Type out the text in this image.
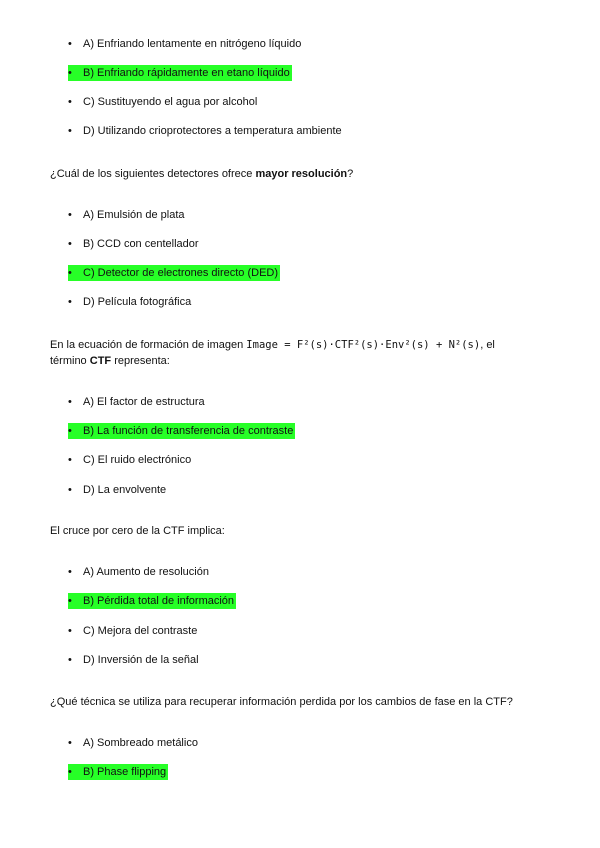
•A) Enfriando lentamente en nitrógeno líquido
•B) Enfriando rápidamente en etano líquido
•C) Sustituyendo el agua por alcohol
•D) Utilizando crioprotectores a temperatura ambiente
¿Cuál de los siguientes detectores ofrece mayor resolución?
•A) Emulsión de plata
•B) CCD con centellador
•C) Detector de electrones directo (DED)
•D) Película fotográfica
En la ecuación de formación de imagen Image = F²(s)·CTF²(s)·Env²(s) + N²(s), el
término CTF representa:
•A) El factor de estructura
•B) La función de transferencia de contraste
•C) El ruido electrónico
•D) La envolvente
El cruce por cero de la CTF implica:
•A) Aumento de resolución
•B) Pérdida total de información
•C) Mejora del contraste
•D) Inversión de la señal
¿Qué técnica se utiliza para recuperar información perdida por los cambios de fase en la CTF?
•A) Sombreado metálico
•B) Phase flipping
